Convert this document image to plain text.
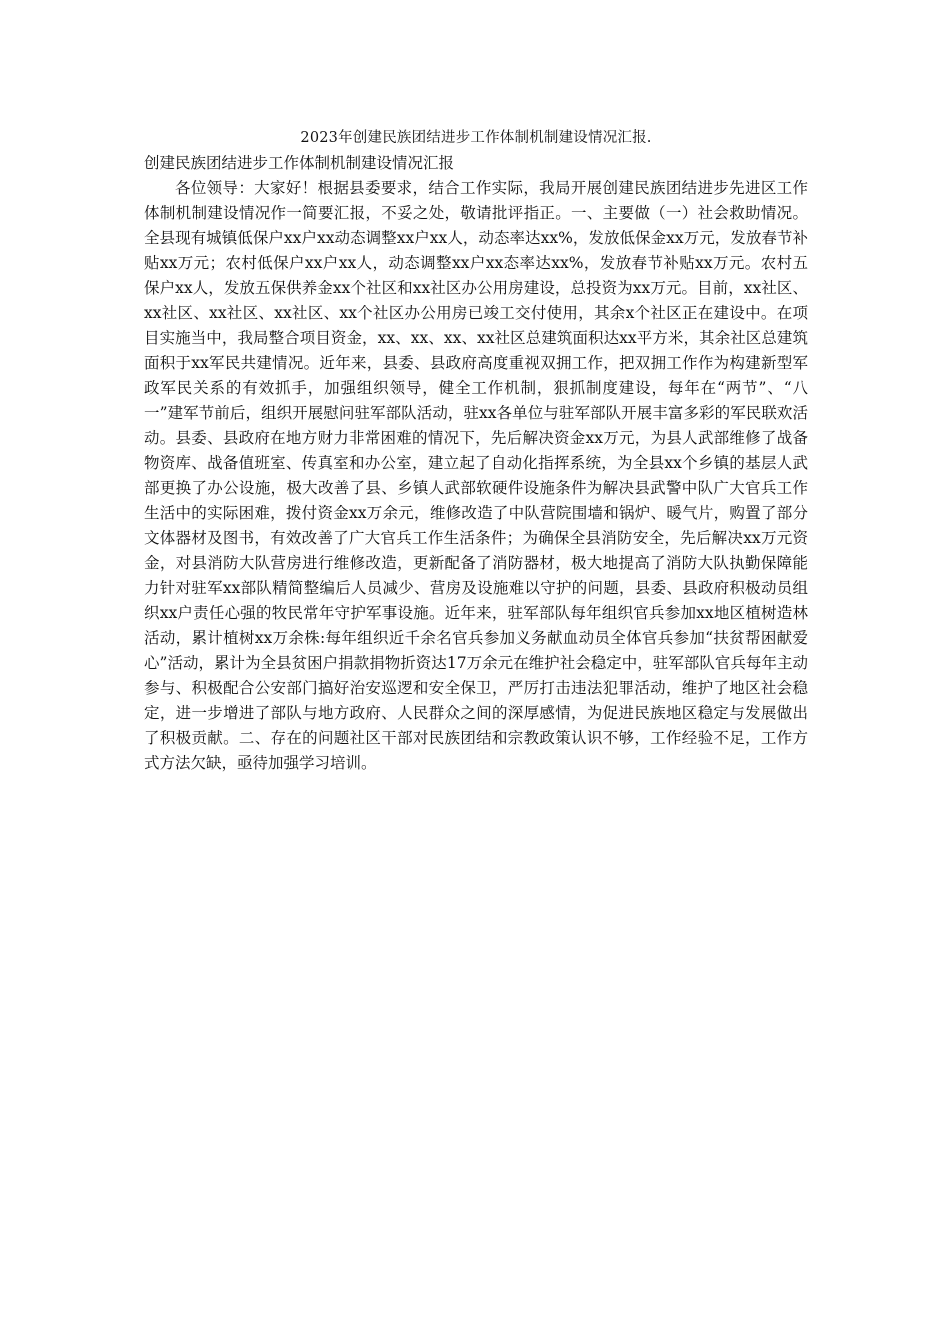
2023年创建民族团结进步工作体制机制建设情况汇报.
创建民族团结进步工作体制机制建设情况汇报

各位领导：大家好！根据县委要求，结合工作实际，我局开展创建民族团结进步先进区工作体制机制建设情况作一简要汇报，不妥之处，敬请批评指正。一、主要做（一）社会救助情况。全县现有城镇低保户xx户xx动态调整xx户xx人，动态率达xx%，发放低保金xx万元，发放春节补贴xx万元；农村低保户xx户xx人，动态调整xx户xx态率达xx%，发放春节补贴xx万元。农村五保户xx人，发放五保供养金xx个社区和xx社区办公用房建设，总投资为xx万元。目前，xx社区、xx社区、xx社区、xx社区、xx个社区办公用房已竣工交付使用，其余x个社区正在建设中。在项目实施当中，我局整合项目资金，xx、xx、xx、xx社区总建筑面积达xx平方米，其余社区总建筑面积于xx军民共建情况。近年来，县委、县政府高度重视双拥工作，把双拥工作作为构建新型军政军民关系的有效抓手，加强组织领导，健全工作机制，狠抓制度建设，每年在“两节”、“八一”建军节前后，组织开展慰问驻军部队活动，驻xx各单位与驻军部队开展丰富多彩的军民联欢活动。县委、县政府在地方财力非常困难的情况下，先后解决资金xx万元，为县人武部维修了战备物资库、战备值班室、传真室和办公室，建立起了自动化指挥系统，为全县xx个乡镇的基层人武部更换了办公设施，极大改善了县、乡镇人武部软硬件设施条件为解决县武警中队广大官兵工作生活中的实际困难，拨付资金xx万余元，维修改造了中队营院围墙和锅炉、暖气片，购置了部分文体器材及图书，有效改善了广大官兵工作生活条件；为确保全县消防安全，先后解决xx万元资金，对县消防大队营房进行维修改造，更新配备了消防器材，极大地提高了消防大队执勤保障能力针对驻军xx部队精简整编后人员减少、营房及设施难以守护的问题，县委、县政府积极动员组织xx户责任心强的牧民常年守护军事设施。近年来，驻军部队每年组织官兵参加xx地区植树造林活动，累计植树xx万余株:每年组织近千余名官兵参加义务献血动员全体官兵参加“扶贫帮困献爱心”活动，累计为全县贫困户捐款捐物折资达17万余元在维护社会稳定中，驻军部队官兵每年主动参与、积极配合公安部门搞好治安巡逻和安全保卫，严厉打击违法犯罪活动，维护了地区社会稳定，进一步增进了部队与地方政府、人民群众之间的深厚感情，为促进民族地区稳定与发展做出了积极贡献。二、存在的问题社区干部对民族团结和宗教政策认识不够，工作经验不足，工作方式方法欠缺，亟待加强学习培训。
